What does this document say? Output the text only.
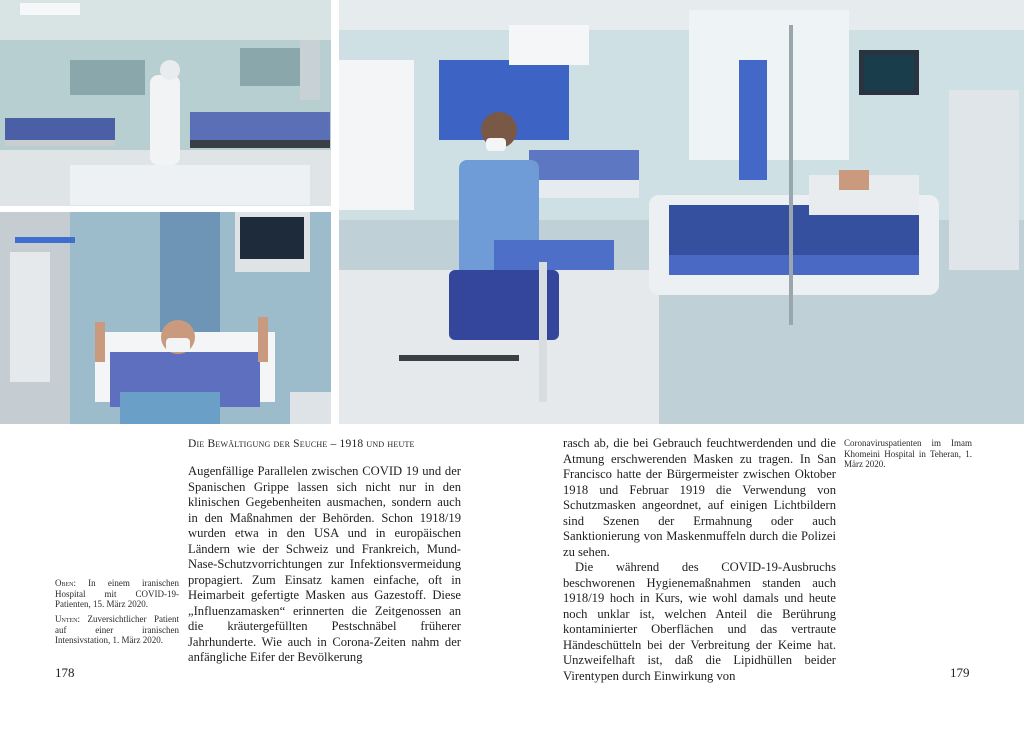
Die Bewältigung der Seuche – 1918 und heute

Augenfällige Parallelen zwischen COVID 19 und der Spanischen Grippe lassen sich nicht nur in den klinischen Gegebenheiten ausmachen, sondern auch in den Maßnahmen der Behörden. Schon 1918/19 wurden etwa in den USA und in europäischen Ländern wie der Schweiz und Frankreich, Mund-Nase-Schutzvorrichtungen zur Infektionsvermeidung propagiert. Zum Einsatz kamen einfache, oft in Heimarbeit gefertigte Masken aus Gazestoff. Diese „Influenzamasken“ erinnerten die Zeitgenossen an die kräutergefüllten Pestschnäbel früherer Jahrhunderte. Wie auch in Corona-Zeiten nahm der anfängliche Eifer der Bevölkerung

rasch ab, die bei Gebrauch feuchtwerdenden und die Atmung erschwerenden Masken zu tragen. In San Francisco hatte der Bürgermeister zwischen Oktober 1918 und Februar 1919 die Verwendung von Schutzmasken angeordnet, auf einigen Lichtbildern sind Szenen der Ermahnung oder auch Sanktionierung von Maskenmuffeln durch die Polizei zu sehen.

Die während des COVID-19-Ausbruchs beschworenen Hygienemaßnahmen standen auch 1918/19 hoch in Kurs, wie wohl damals und heute noch unklar ist, welchen Anteil die Berührung kontaminierter Oberflächen und das vertraute Händeschütteln bei der Verbreitung der Keime hat. Unzweifelhaft ist, daß die Lipidhüllen beider Virentypen durch Einwirkung von

Oben: In einem iranischen Hospital mit COVID-19-Patienten, 15. März 2020.
Unten: Zuversichtlicher Patient auf einer iranischen Intensivstation, 1. März 2020.
Coronaviruspatienten im Imam Khomeini Hospital in Teheran, 1. März 2020.
178	179
